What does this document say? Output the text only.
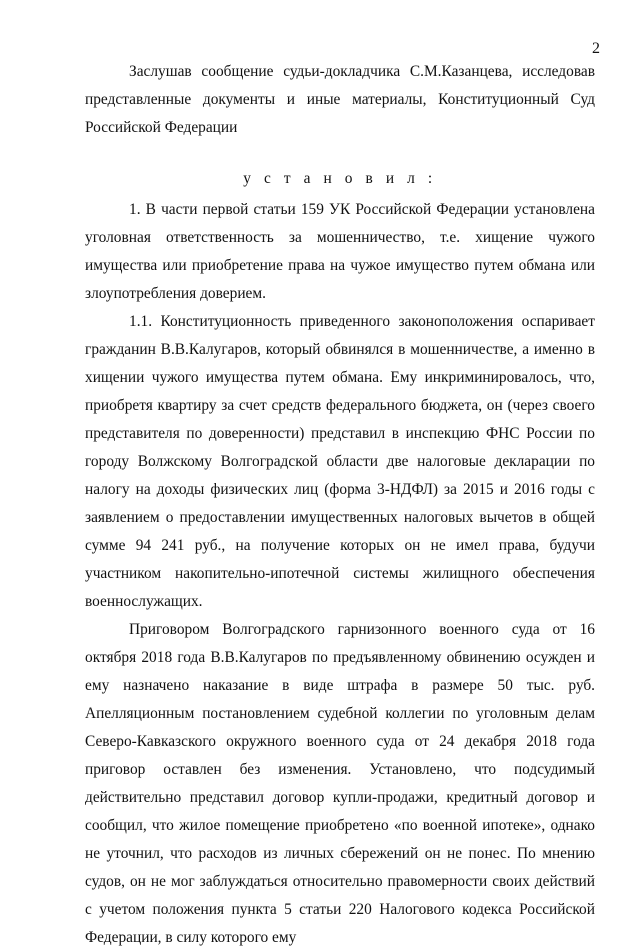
2

Заслушав сообщение судьи-докладчика С.М.Казанцева, исследовав представленные документы и иные материалы, Конституционный Суд Российской Федерации

у с т а н о в и л :

1. В части первой статьи 159 УК Российской Федерации установлена уголовная ответственность за мошенничество, т.е. хищение чужого имущества или приобретение права на чужое имущество путем обмана или злоупотребления доверием.

1.1. Конституционность приведенного законоположения оспаривает гражданин В.В.Калугаров, который обвинялся в мошенничестве, а именно в хищении чужого имущества путем обмана. Ему инкриминировалось, что, приобретя квартиру за счет средств федерального бюджета, он (через своего представителя по доверенности) представил в инспекцию ФНС России по городу Волжскому Волгоградской области две налоговые декларации по налогу на доходы физических лиц (форма 3-НДФЛ) за 2015 и 2016 годы с заявлением о предоставлении имущественных налоговых вычетов в общей сумме 94 241 руб., на получение которых он не имел права, будучи участником накопительно-ипотечной системы жилищного обеспечения военнослужащих.

Приговором Волгоградского гарнизонного военного суда от 16 октября 2018 года В.В.Калугаров по предъявленному обвинению осужден и ему назначено наказание в виде штрафа в размере 50 тыс. руб. Апелляционным постановлением судебной коллегии по уголовным делам Северо-Кавказского окружного военного суда от 24 декабря 2018 года приговор оставлен без изменения. Установлено, что подсудимый действительно представил договор купли-продажи, кредитный договор и сообщил, что жилое помещение приобретено «по военной ипотеке», однако не уточнил, что расходов из личных сбережений он не понес. По мнению судов, он не мог заблуждаться относительно правомерности своих действий с учетом положения пункта 5 статьи 220 Налогового кодекса Российской Федерации, в силу которого ему
